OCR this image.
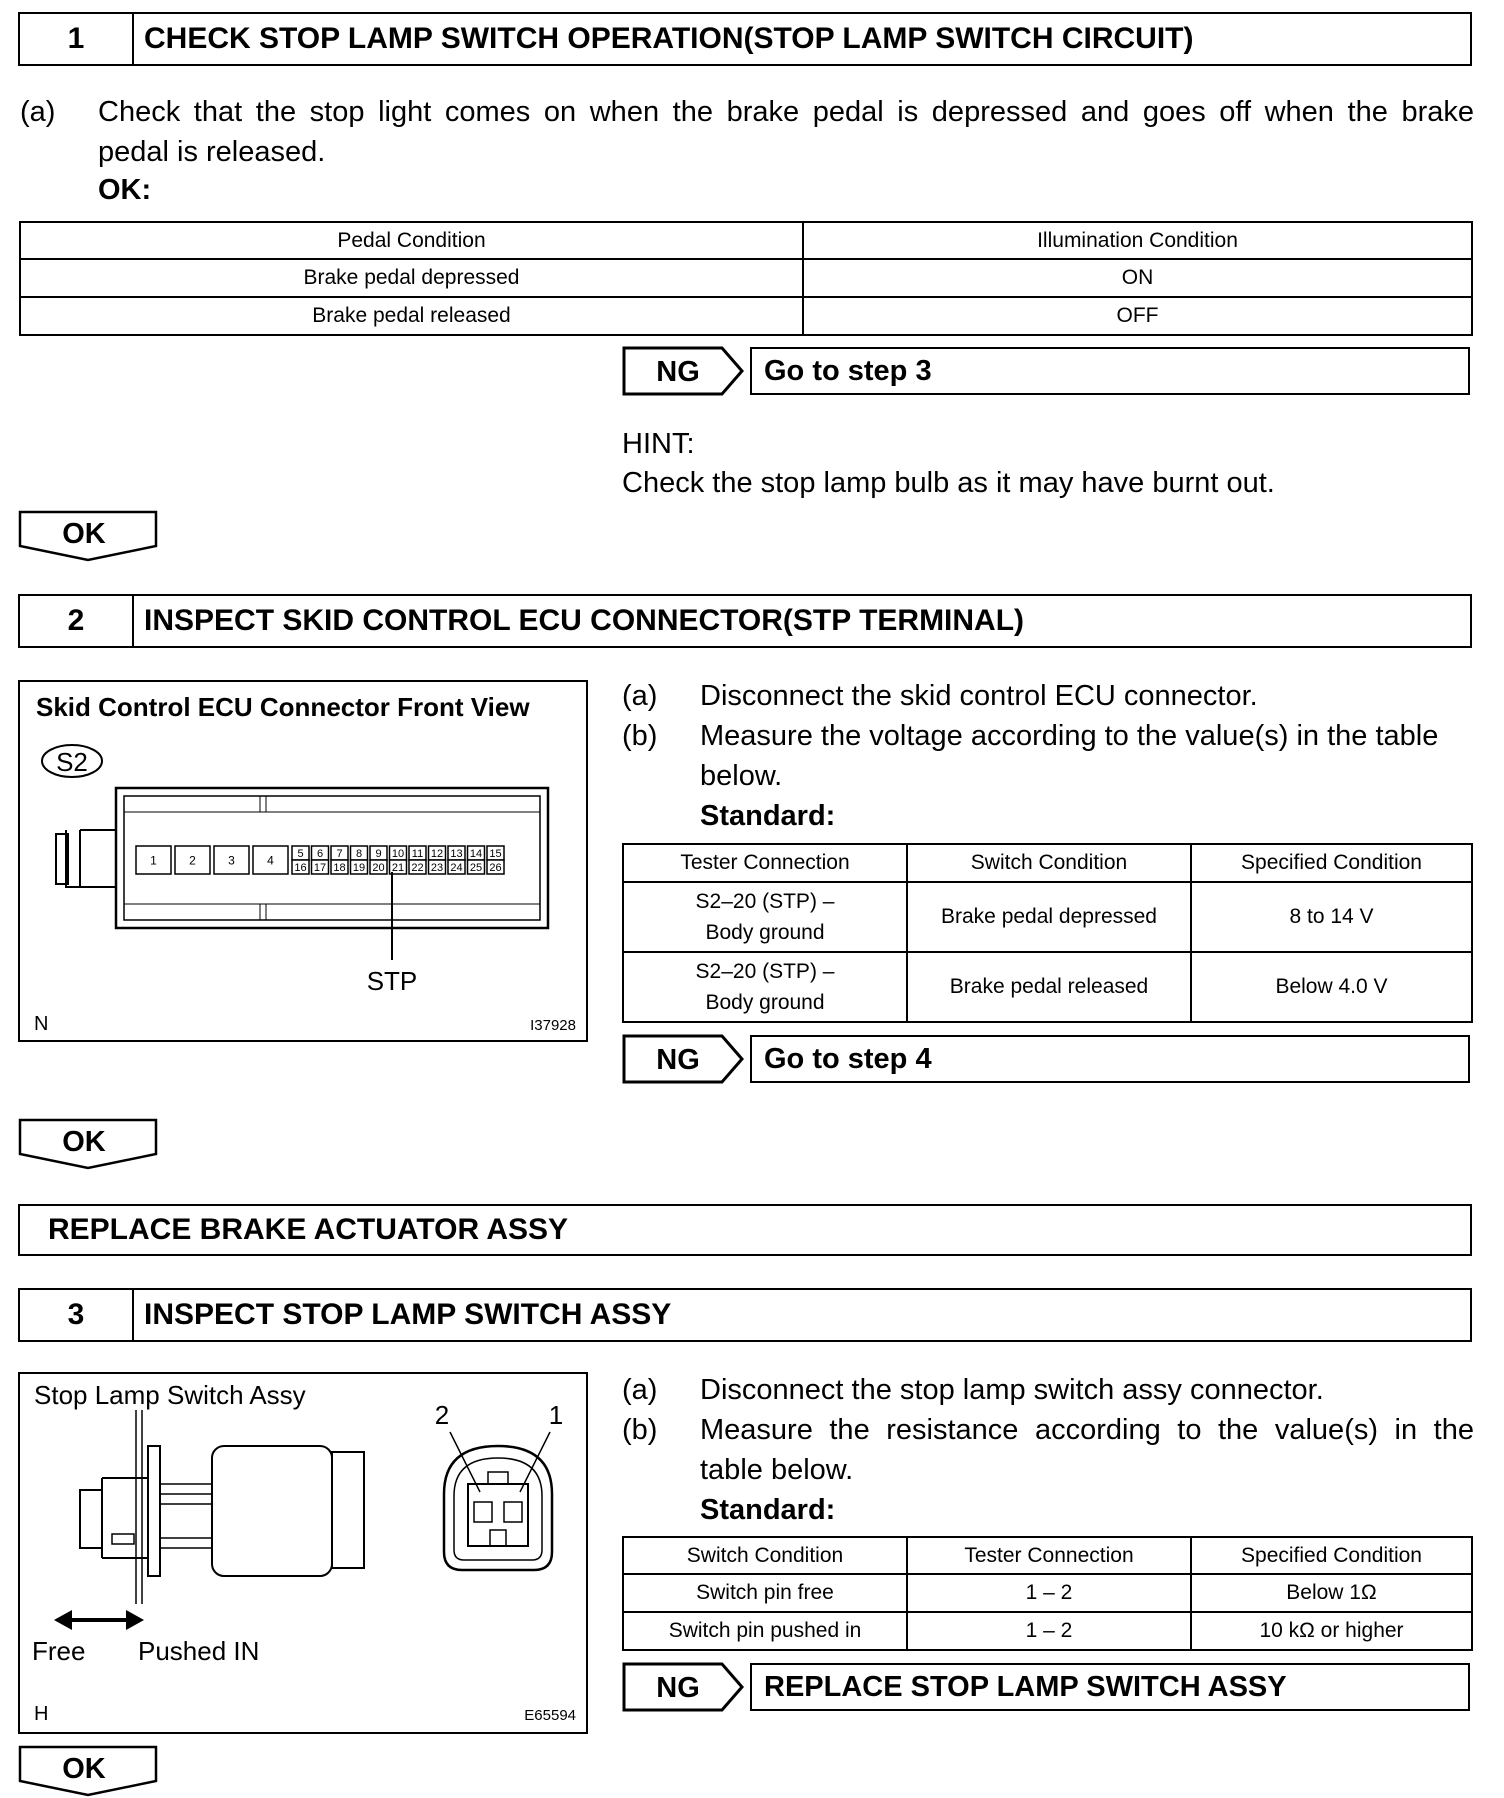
1	CHECK STOP LAMP SWITCH OPERATION(STOP LAMP SWITCH CIRCUIT)
(a) Check that the stop light comes on when the brake pedal is depressed and goes off when the brake
pedal is released.
OK:
Pedal Condition	Illumination Condition
Brake pedal depressed	ON
Brake pedal released	OFF
NG	Go to step 3
HINT:
Check the stop lamp bulb as it may have burnt out.
OK
2	INSPECT SKID CONTROL ECU CONNECTOR(STP TERMINAL)
Skid Control ECU Connector Front View
S2
1	2	3	4 5 6 7 8 9 10 11 12 13 14 15
16 17 18 19 20 21 22 23 24 25 26
STP
N	I37928
(a) Disconnect the skid control ECU connector.
(b) Measure the voltage according to the value(s) in the table
below.
Standard:
Tester Connection	Switch Condition	Specified Condition

S2–20 (STP) –
Body ground	Brake pedal depressed	8 to 14 V

S2–20 (STP) –
Body ground	Brake pedal released	Below 4.0 V
NG	Go to step 4
OK
REPLACE BRAKE ACTUATOR ASSY
3	INSPECT STOP LAMP SWITCH ASSY
Stop Lamp Switch Assy
Free Pushed IN
2	1
H	E65594
(a) Disconnect the stop lamp switch assy connector.
(b) Measure the resistance according to the value(s) in the
table below.
Standard:
Switch Condition	Tester Connection	Specified Condition
Switch pin free	1 – 2	Below 1Ω
Switch pin pushed in	1 – 2	10 kΩ or higher
NG	REPLACE STOP LAMP SWITCH ASSY
OK
